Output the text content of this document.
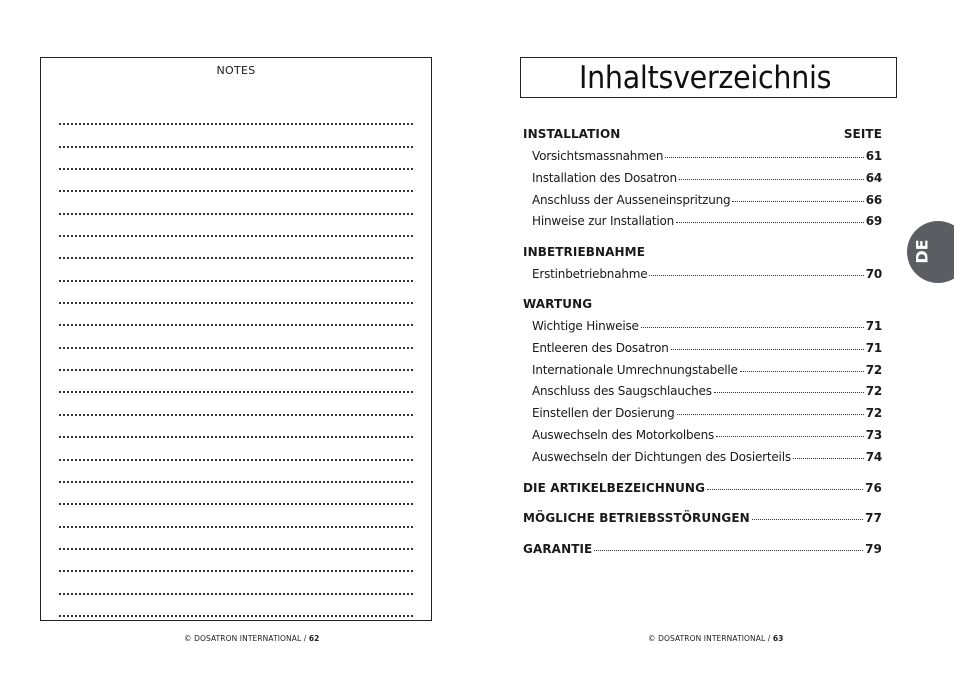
NOTES
© DOSATRON INTERNATIONAL / 62
Inhaltsverzeichnis
INSTALLATION	SEITE
Vorsichtsmassnahmen	61
Installation des Dosatron	64
Anschluss der Ausseneinspritzung	66
Hinweise zur Installation	69
INBETRIEBNAHME
Erstinbetriebnahme	70
WARTUNG
Wichtige Hinweise	71
Entleeren des Dosatron	71
Internationale Umrechnungstabelle	72
Anschluss des Saugschlauches	72
Einstellen der Dosierung	72
Auswechseln des Motorkolbens	73
Auswechseln der Dichtungen des Dosierteils	74
DIE ARTIKELBEZEICHNUNG	76
MÖGLICHE BETRIEBSSTÖRUNGEN	77
GARANTIE	79
DE
© DOSATRON INTERNATIONAL / 63
